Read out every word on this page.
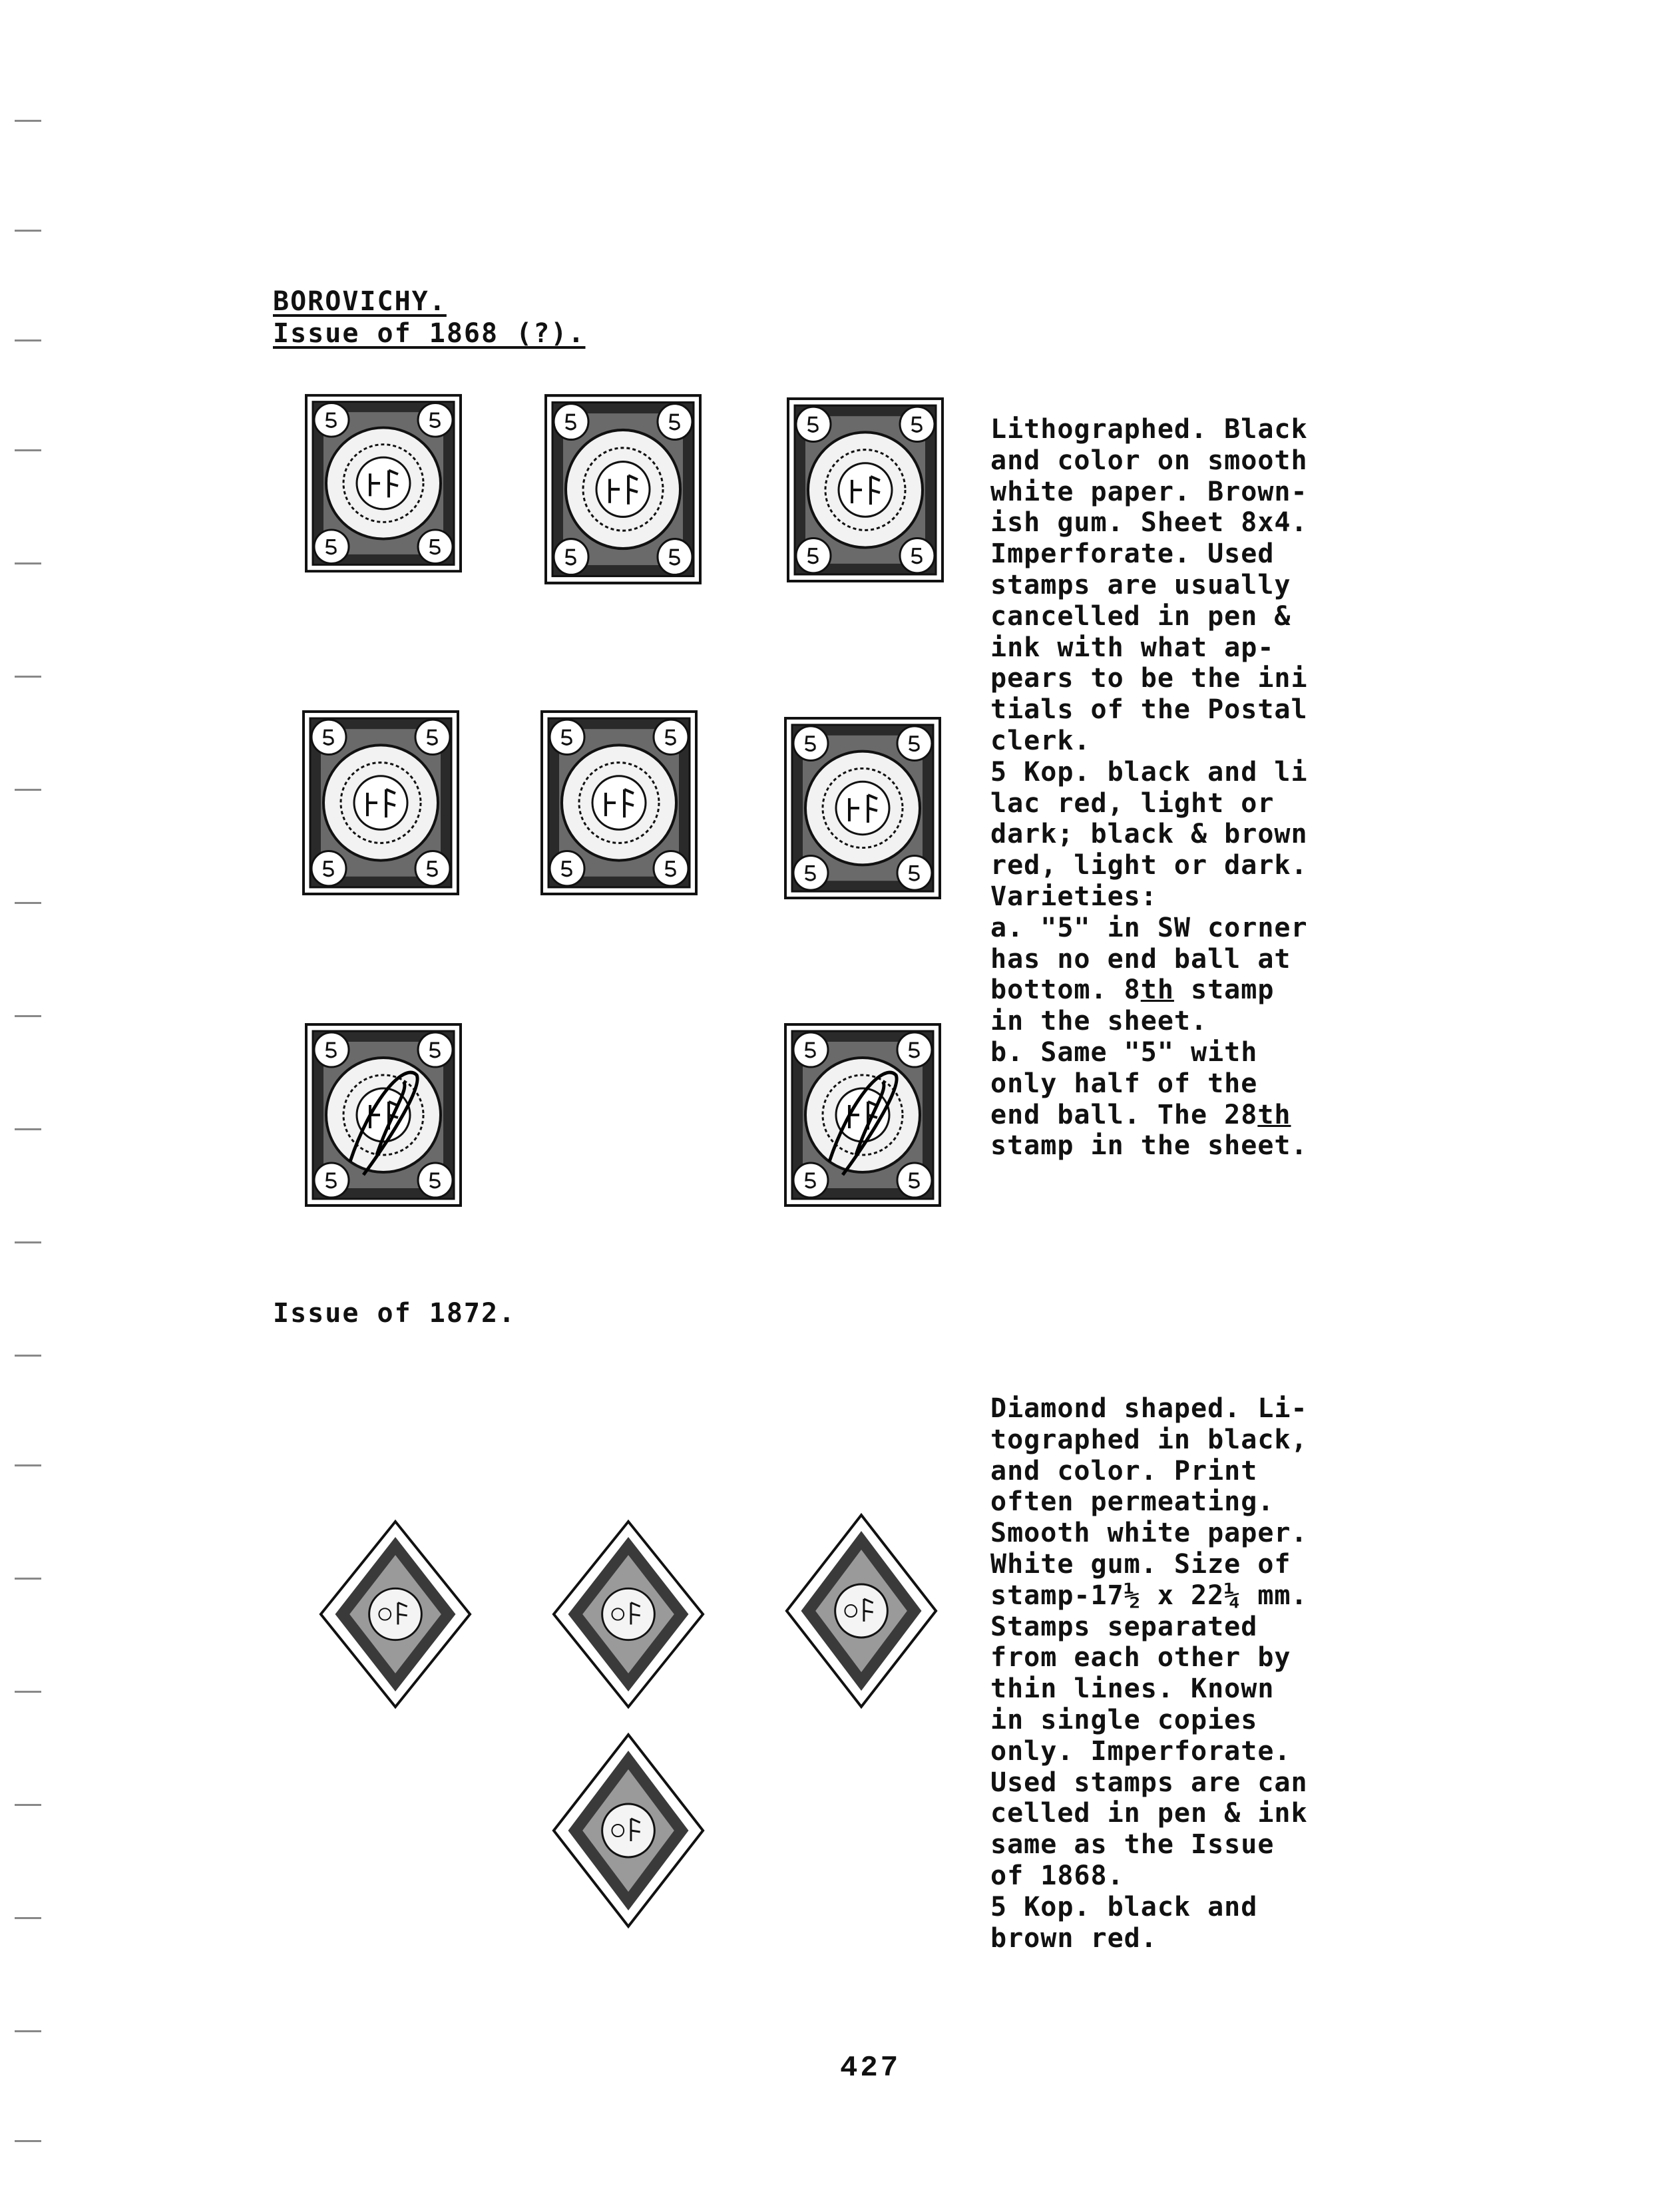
BOROVICHY.
Issue of 1868 (?).
Issue of 1872.

Lithographed. Black

and color on smooth

white paper. Brown-

ish gum. Sheet 8x4.

Imperforate. Used

stamps are usually

cancelled in pen &

ink with what ap-

pears to be the ini

tials of the Postal

clerk.

5 Kop. black and li

lac red, light or

dark; black & brown

red, light or dark.

Varieties:

a. "5" in SW corner

has no end ball at

bottom. 8th stamp

in the sheet.

b. Same "5" with

only half of the

end ball. The 28th

stamp in the sheet.

Diamond shaped. Li-

tographed in black,

and color. Print

often permeating.

Smooth white paper.

White gum. Size of

stamp-17½ x 22¼ mm.

Stamps separated

from each other by

thin lines. Known

in single copies

only. Imperforate.

Used stamps are can

celled in pen & ink

same as the Issue

of 1868.

5 Kop. black and

brown red.

427
